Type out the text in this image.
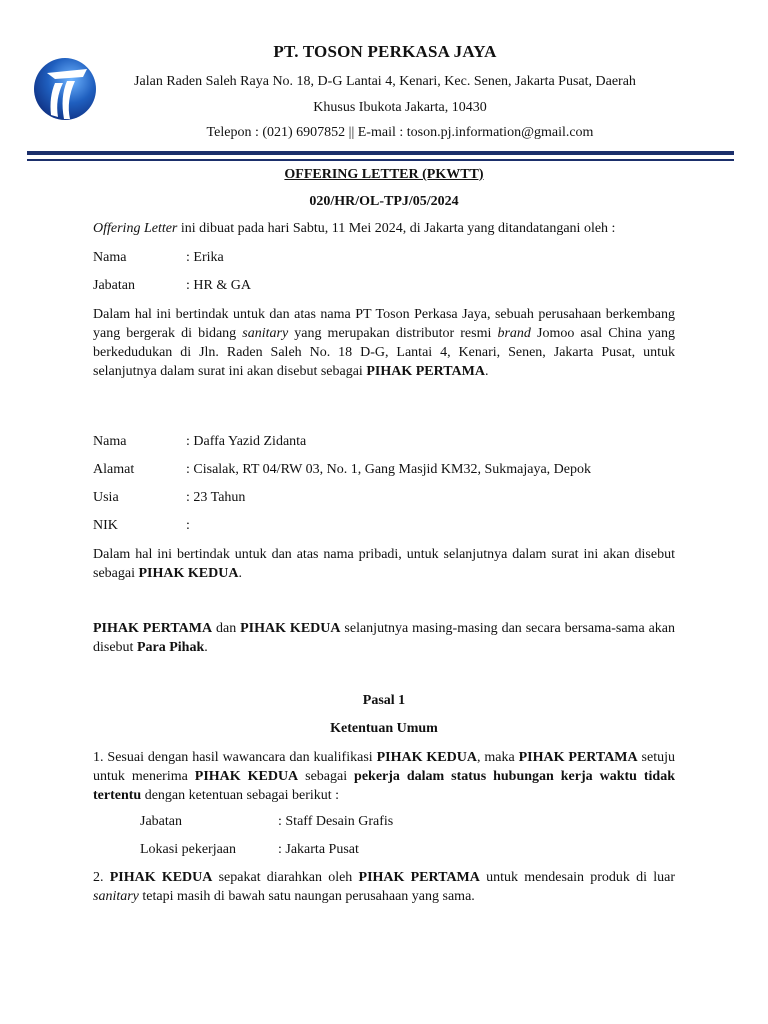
PT. TOSON PERKASA JAYA
Jalan Raden Saleh Raya No. 18, D-G Lantai 4, Kenari, Kec. Senen, Jakarta Pusat, Daerah
Khusus Ibukota Jakarta, 10430
Telepon : (021) 6907852 || E-mail : toson.pj.information@gmail.com
OFFERING LETTER (PKWTT)
020/HR/OL-TPJ/05/2024
Offering Letter ini dibuat pada hari Sabtu, 11 Mei 2024, di Jakarta yang ditandatangani oleh :
Nama	: Erika
Jabatan	: HR & GA
Dalam hal ini bertindak untuk dan atas nama PT Toson Perkasa Jaya, sebuah perusahaan berkembang yang bergerak di bidang sanitary yang merupakan distributor resmi brand Jomoo asal China yang berkedudukan di Jln. Raden Saleh No. 18 D-G, Lantai 4, Kenari, Senen, Jakarta Pusat, untuk selanjutnya dalam surat ini akan disebut sebagai PIHAK PERTAMA.
Nama	: Daffa Yazid Zidanta
Alamat	: Cisalak, RT 04/RW 03, No. 1, Gang Masjid KM32, Sukmajaya, Depok
Usia	: 23 Tahun
NIK	:
Dalam hal ini bertindak untuk dan atas nama pribadi, untuk selanjutnya dalam surat ini akan disebut sebagai PIHAK KEDUA.
PIHAK PERTAMA dan PIHAK KEDUA selanjutnya masing-masing dan secara bersama-sama akan disebut Para Pihak.
Pasal 1
Ketentuan Umum
1. Sesuai dengan hasil wawancara dan kualifikasi PIHAK KEDUA, maka PIHAK PERTAMA setuju untuk menerima PIHAK KEDUA sebagai pekerja dalam status hubungan kerja waktu tidak tertentu dengan ketentuan sebagai berikut :
Jabatan	: Staff Desain Grafis
Lokasi pekerjaan	: Jakarta Pusat
2. PIHAK KEDUA sepakat diarahkan oleh PIHAK PERTAMA untuk mendesain produk di luar sanitary tetapi masih di bawah satu naungan perusahaan yang sama.
